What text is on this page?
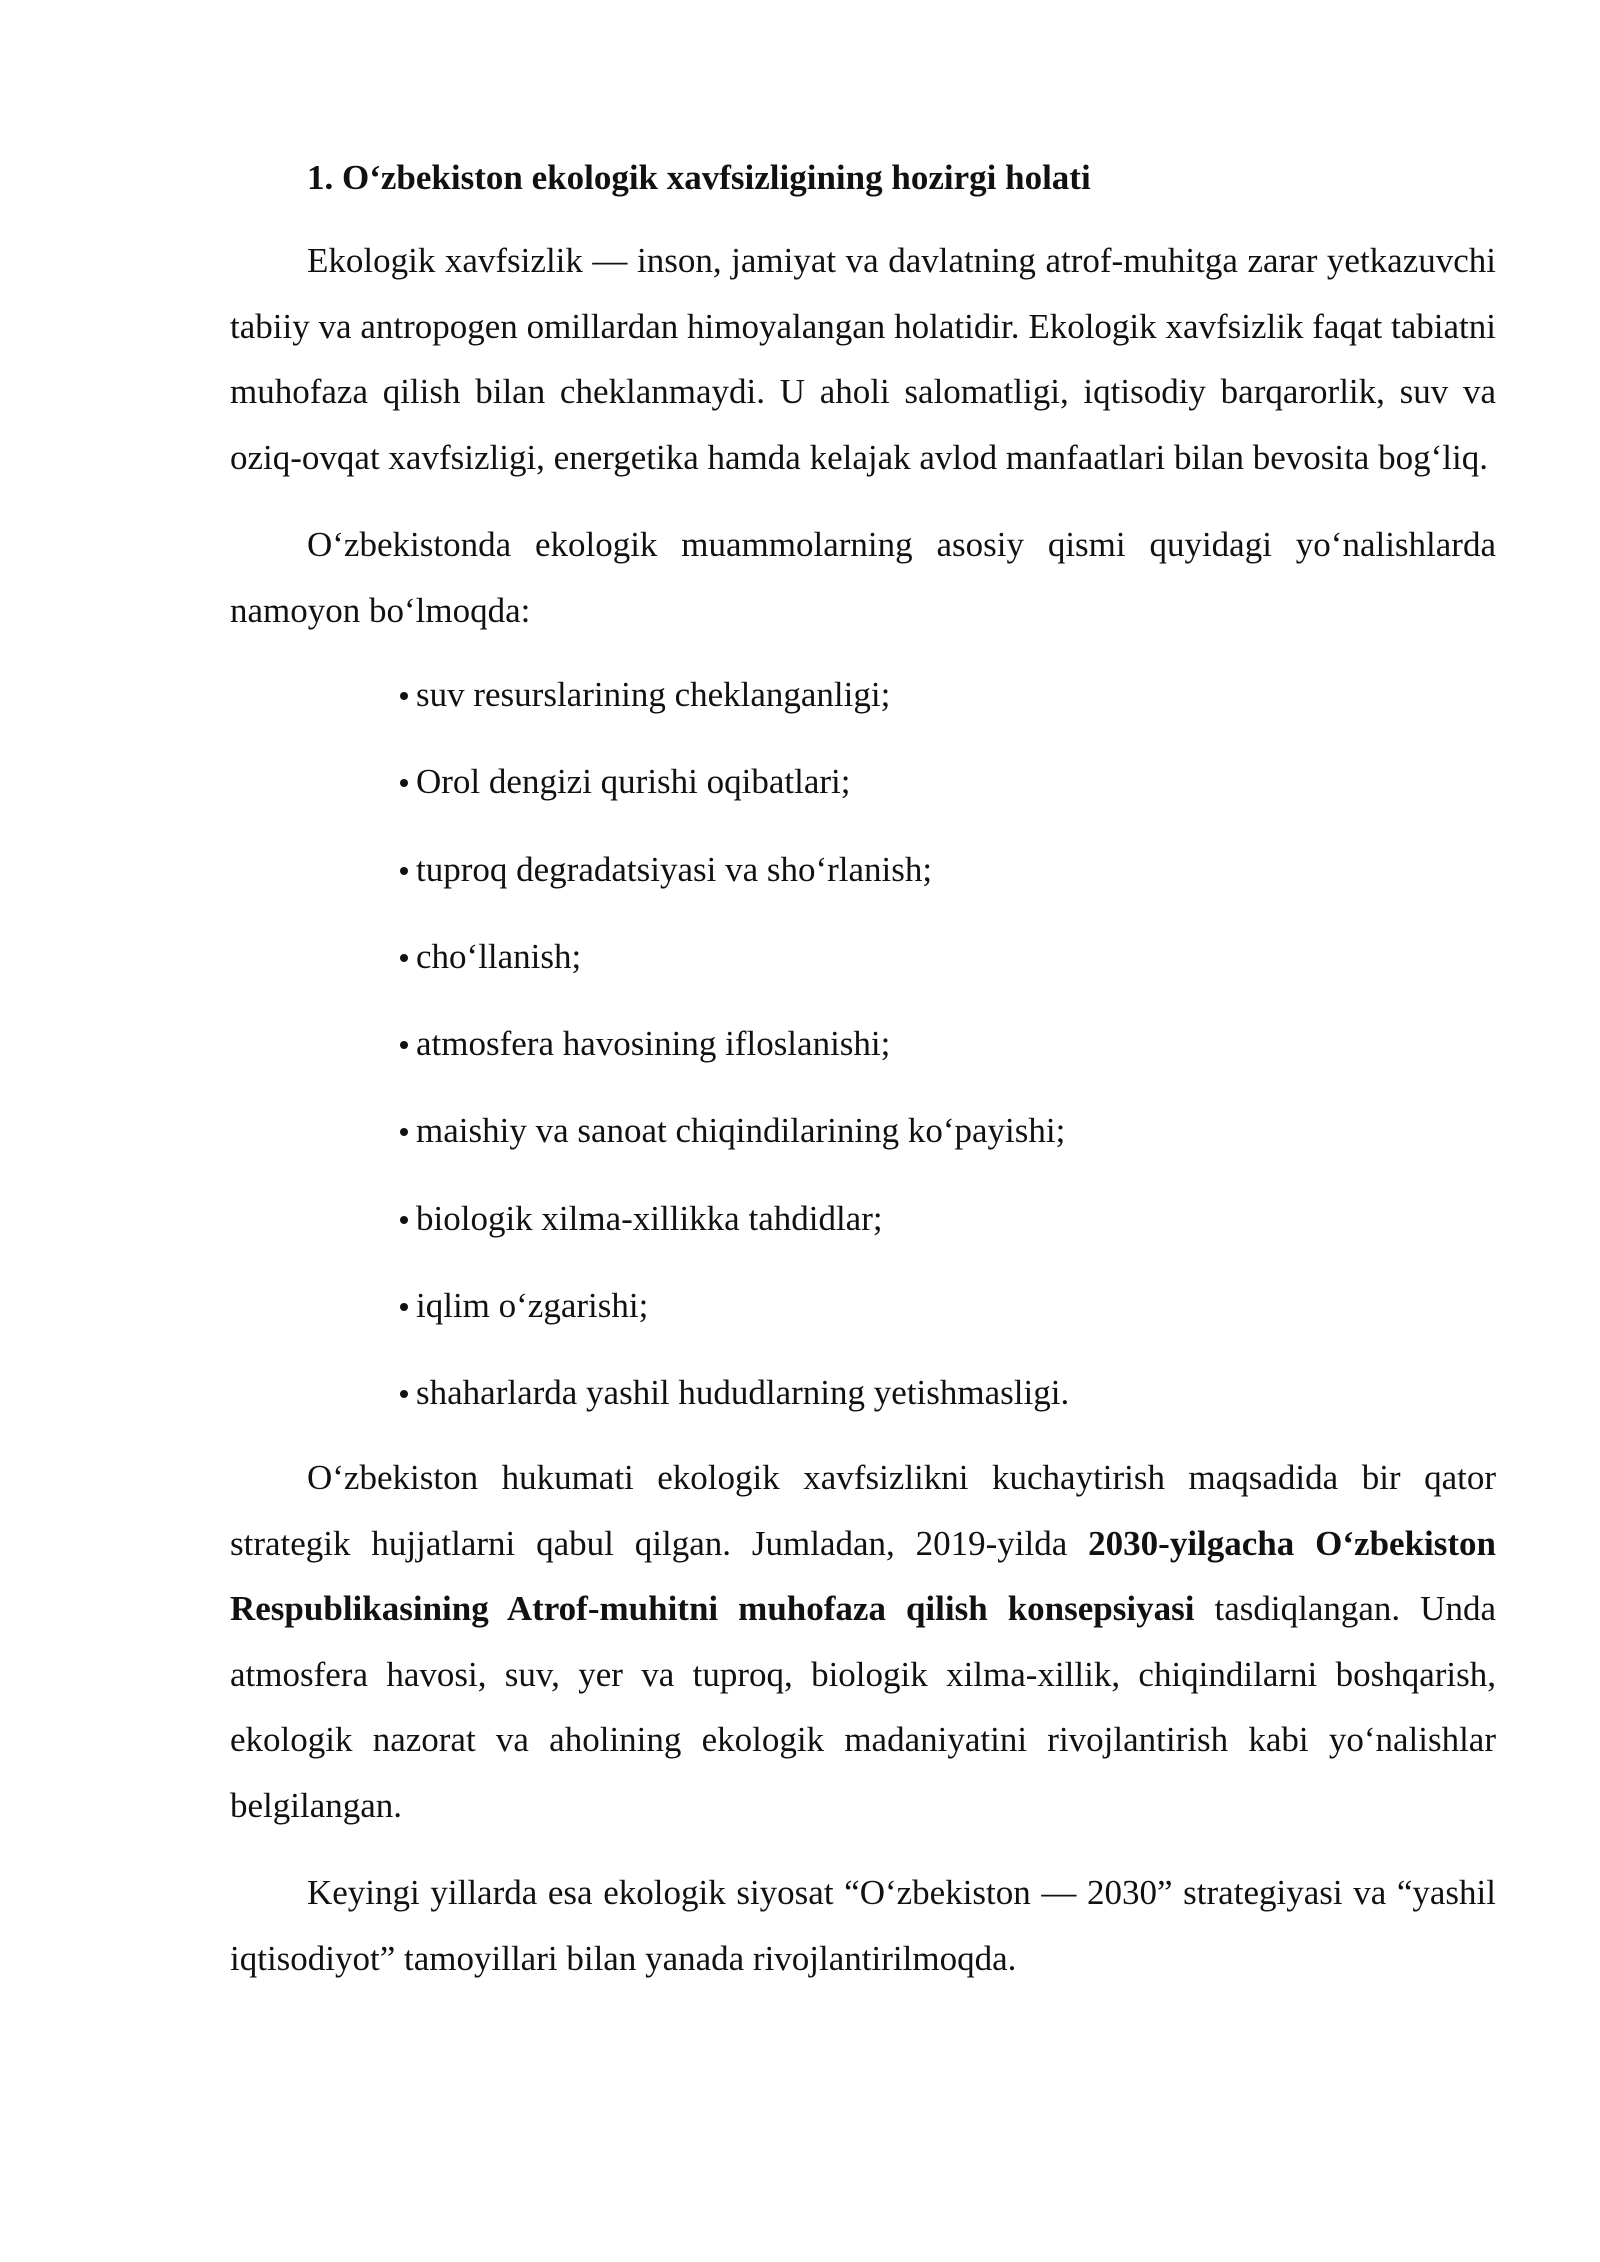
1. O‘zbekiston ekologik xavfsizligining hozirgi holati

Ekologik xavfsizlik — inson, jamiyat va davlatning atrof-muhitga zarar yetkazuvchi tabiiy va antropogen omillardan himoyalangan holatidir. Ekologik xavfsizlik faqat tabiatni muhofaza qilish bilan cheklanmaydi. U aholi salomatligi, iqtisodiy barqarorlik, suv va oziq-ovqat xavfsizligi, energetika hamda kelajak avlod manfaatlari bilan bevosita bog‘liq.

O‘zbekistonda ekologik muammolarning asosiy qismi quyidagi yo‘nalishlarda namoyon bo‘lmoqda:

suv resurslarining cheklanganligi;
Orol dengizi qurishi oqibatlari;
tuproq degradatsiyasi va sho‘rlanish;
cho‘llanish;
atmosfera havosining ifloslanishi;
maishiy va sanoat chiqindilarining ko‘payishi;
biologik xilma-xillikka tahdidlar;
iqlim o‘zgarishi;
shaharlarda yashil hududlarning yetishmasligi.

O‘zbekiston hukumati ekologik xavfsizlikni kuchaytirish maqsadida bir qator strategik hujjatlarni qabul qilgan. Jumladan, 2019-yilda 2030-yilgacha O‘zbekiston Respublikasining Atrof-muhitni muhofaza qilish konsepsiyasi tasdiqlangan. Unda atmosfera havosi, suv, yer va tuproq, biologik xilma-xillik, chiqindilarni boshqarish, ekologik nazorat va aholining ekologik madaniyatini rivojlantirish kabi yo‘nalishlar belgilangan.

Keyingi yillarda esa ekologik siyosat “O‘zbekiston — 2030” strategiyasi va “yashil iqtisodiyot” tamoyillari bilan yanada rivojlantirilmoqda.
